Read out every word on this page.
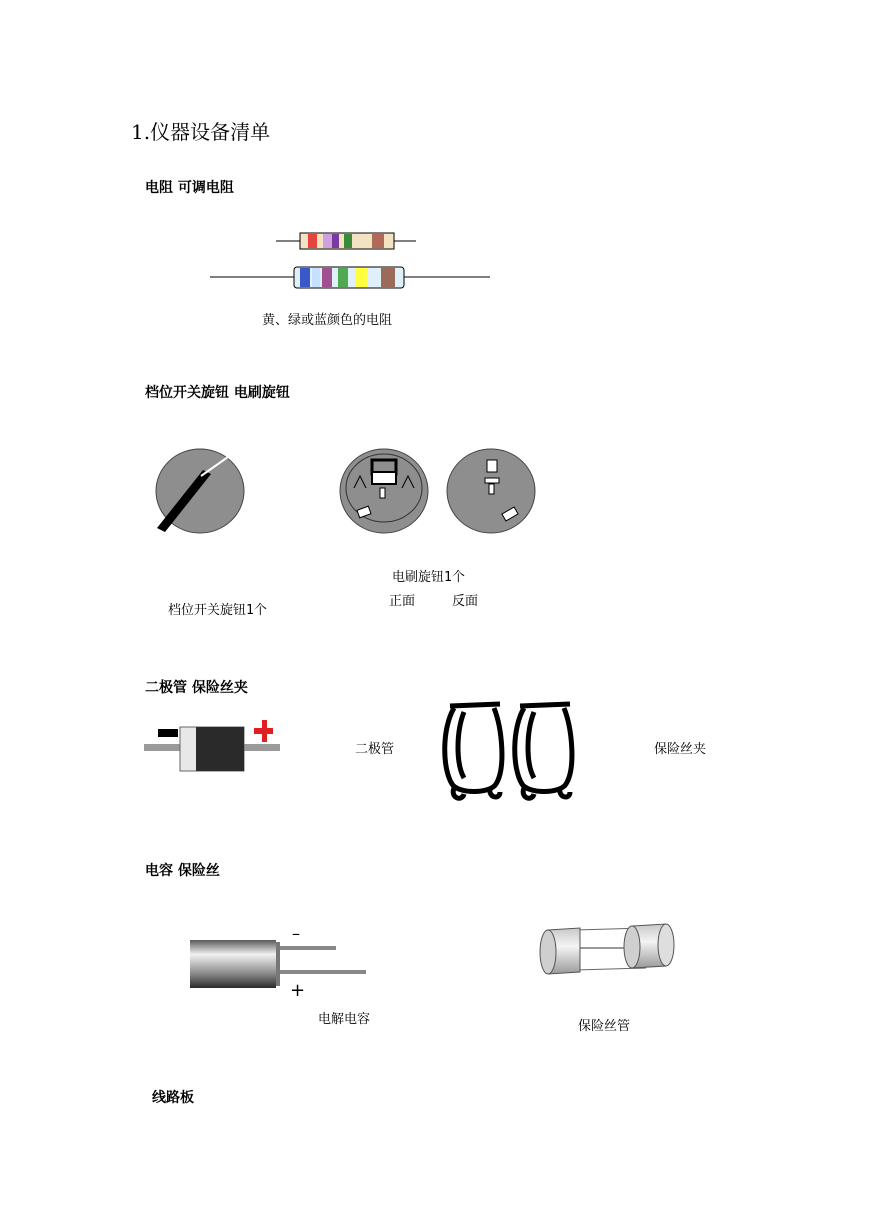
1.仪器设备清单
电阻 可调电阻
黄、绿或蓝颜色的电阻
档位开关旋钮 电刷旋钮
电刷旋钮1个
正面	反面
档位开关旋钮1个
二极管 保险丝夹
二极管	保险丝夹
电容 保险丝
–
+
电解电容	保险丝管
线路板
